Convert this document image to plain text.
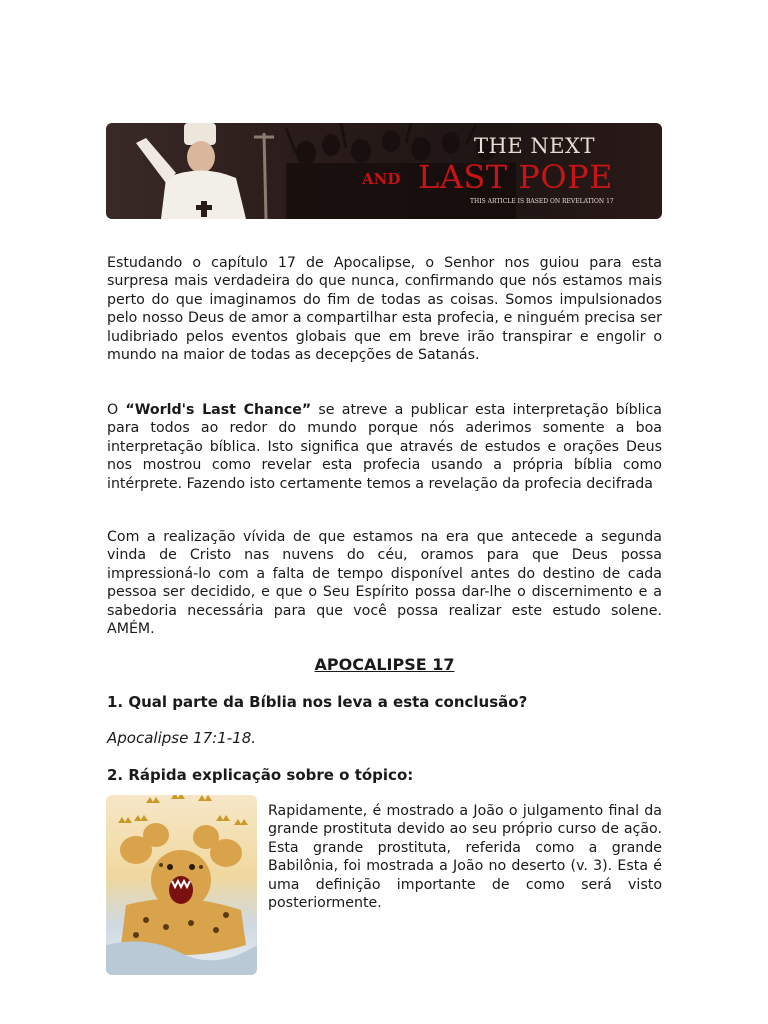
THE NEXT
AND LAST POPE
THIS ARTICLE IS BASED ON REVELATION 17

Estudando o capítulo 17 de Apocalipse, o Senhor nos guiou para esta surpresa mais verdadeira do que nunca, confirmando que nós estamos mais perto do que imaginamos do fim de todas as coisas. Somos impulsionados pelo nosso Deus de amor a compartilhar esta profecia, e ninguém precisa ser ludibriado pelos eventos globais que em breve irão transpirar e engolir o mundo na maior de todas as decepções de Satanás.

O “World's Last Chance” se atreve a publicar esta interpretação bíblica para todos ao redor do mundo porque nós aderimos somente a boa interpretação bíblica. Isto significa que através de estudos e orações Deus nos mostrou como revelar esta profecia usando a própria bíblia como intérprete. Fazendo isto certamente temos a revelação da profecia decifrada

Com a realização vívida de que estamos na era que antecede a segunda vinda de Cristo nas nuvens do céu, oramos para que Deus possa impressioná-lo com a falta de tempo disponível antes do destino de cada pessoa ser decidido, e que o Seu Espírito possa dar-lhe o discernimento e a sabedoria necessária para que você possa realizar este estudo solene. AMÉM.

APOCALIPSE 17

1. Qual parte da Bíblia nos leva a esta conclusão?

Apocalipse 17:1-18.

2. Rápida explicação sobre o tópico:

Rapidamente, é mostrado a João o julgamento final da grande prostituta devido ao seu próprio curso de ação. Esta grande prostituta, referida como a grande Babilônia, foi mostrada a João no deserto (v. 3). Esta é uma definição importante de como será visto posteriormente.
